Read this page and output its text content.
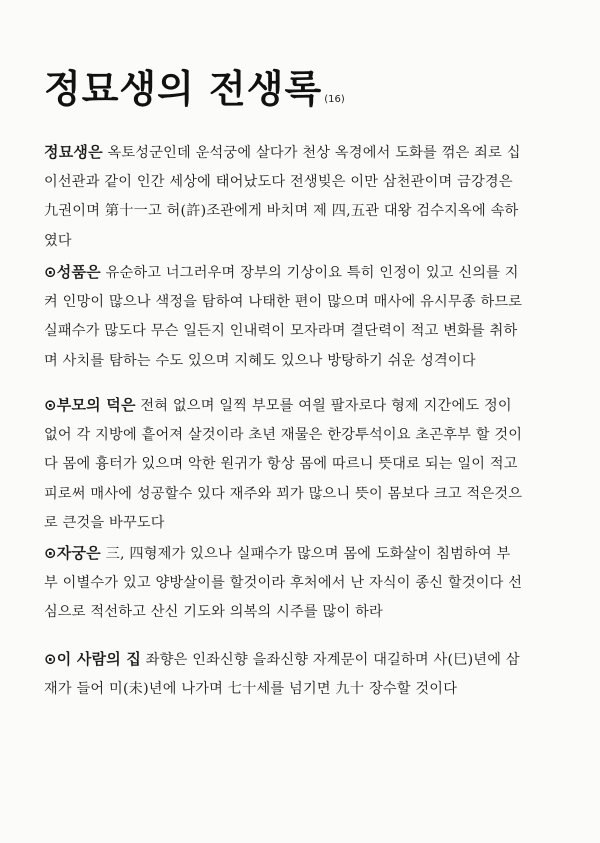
정묘생의 전생록 (16)
정묘생은 옥토성군인데 운석궁에 살다가 천상 옥경에서 도화를 꺾은 죄로 십
이선관과 같이 인간 세상에 태어났도다 전생빚은 이만 삼천관이며 금강경은
九권이며 第十一고 허(許)조관에게 바치며 제 四,五관 대왕 검수지옥에 속하
였다
⊙성품은 유순하고 너그러우며 장부의 기상이요 특히 인정이 있고 신의를 지
켜 인망이 많으나 색정을 탐하여 나태한 편이 많으며 매사에 유시무종 하므로
실패수가 많도다 무슨 일든지 인내력이 모자라며 결단력이 적고 변화를 취하
며 사치를 탐하는 수도 있으며 지혜도 있으나 방탕하기 쉬운 성격이다
⊙부모의 덕은 전혀 없으며 일찍 부모를 여읠 팔자로다 형제 지간에도 정이
없어 각 지방에 흩어져 살것이라 초년 재물은 한강투석이요 초곤후부 할 것이
다 몸에 흉터가 있으며 악한 원귀가 항상 몸에 따르니 뜻대로 되는 일이 적고
피로써 매사에 성공할수 있다 재주와 꾀가 많으니 뜻이 몸보다 크고 적은것으
로 큰것을 바꾸도다
⊙자궁은 三, 四형제가 있으나 실패수가 많으며 몸에 도화살이 침범하여 부
부 이별수가 있고 양방살이를 할것이라 후처에서 난 자식이 종신 할것이다 선
심으로 적선하고 산신 기도와 의복의 시주를 많이 하라
⊙이 사람의 집 좌향은 인좌신향 을좌신향 자계문이 대길하며 사(巳)년에 삼
재가 들어 미(未)년에 나가며 七十세를 넘기면 九十 장수할 것이다
